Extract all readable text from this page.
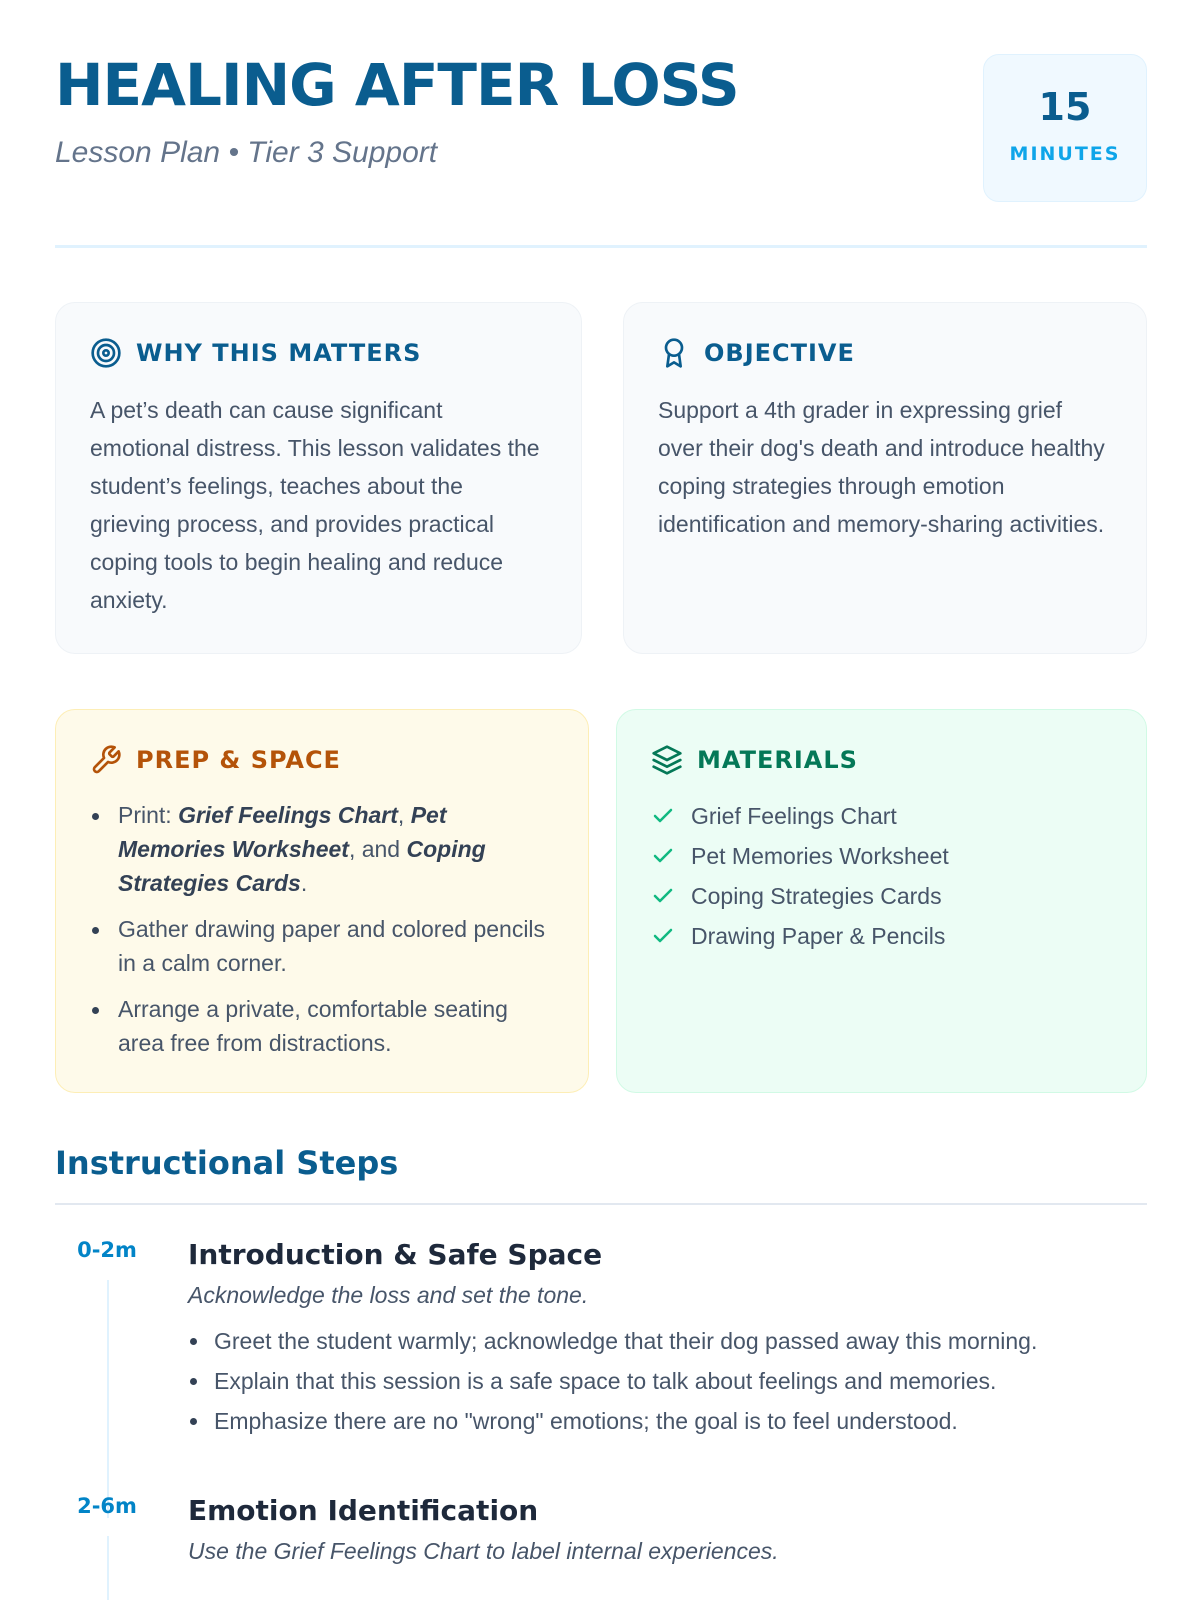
HEALING AFTER LOSS
Lesson Plan • Tier 3 Support
15
MINUTES
WHY THIS MATTERS

A pet’s death can cause significant emotional distress. This lesson validates the student’s feelings, teaches about the grieving process, and provides practical coping tools to begin healing and reduce anxiety.

OBJECTIVE

Support a 4th grader in expressing grief over their dog's death and introduce healthy coping strategies through emotion identification and memory-sharing activities.

PREP & SPACE
Print: Grief Feelings Chart, Pet Memories Worksheet, and Coping Strategies Cards.
Gather drawing paper and colored pencils in a calm corner.
Arrange a private, comfortable seating area free from distractions.
MATERIALS
Grief Feelings Chart
Pet Memories Worksheet
Coping Strategies Cards
Drawing Paper & Pencils
Instructional Steps
0-2m	Introduction & Safe Space
Acknowledge the loss and set the tone.
Greet the student warmly; acknowledge that their dog passed away this morning.
Explain that this session is a safe space to talk about feelings and memories.
Emphasize there are no "wrong" emotions; the goal is to feel understood.
2-6m	Emotion Identification
Use the Grief Feelings Chart to label internal experiences.
